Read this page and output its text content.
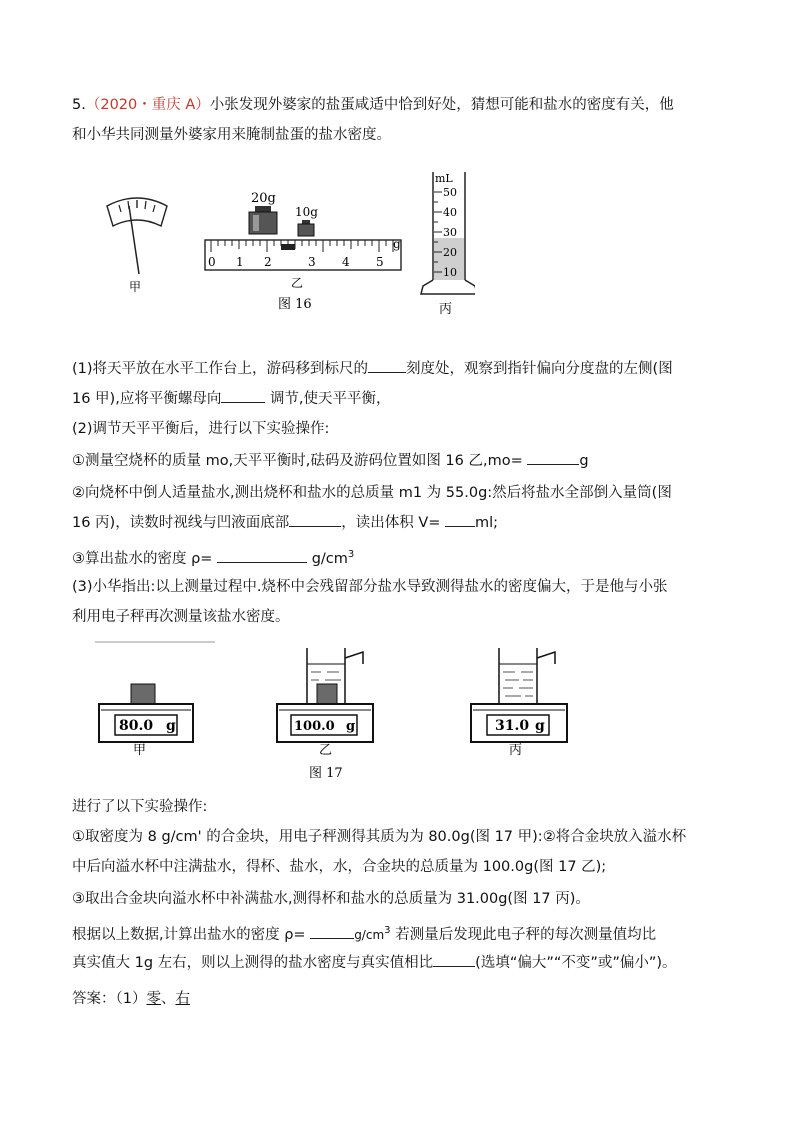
5.（2020・重庆 A）小张发现外婆家的盐蛋咸适中恰到好处，猜想可能和盐水的密度有关，他
和小华共同测量外婆家用来腌制盐蛋的盐水密度。
甲
20g
10g
g
0 1 2	3 4 5
乙
图 16
mL
50
40
30
20
10
丙
(1)将天平放在水平工作台上，游码移到标尺的	刻度处，观察到指针偏向分度盘的左侧(图
16 甲),应将平衡螺母向	调节,使天平平衡，
(2)调节天平平衡后，进行以下实验操作:
①测量空烧杯的质量 mo,天平平衡时,砝码及游码位置如图 16 乙,mo=	g
②向烧杯中倒人适量盐水,测出烧杯和盐水的总质量 m1 为 55.0g:然后将盐水全部倒入量筒(图
16 丙)，读数时视线与凹液面底部	，读出体积 V= ml;
③算出盐水的密度 ρ=	$g/cm^3$
(3)小华指出:以上测量过程中.烧杯中会残留部分盐水导致测得盐水的密度偏大，于是他与小张
利用电子秤再次测量该盐水密度。
80.0 g
甲
100.0 g
乙
图 17
31.0 g
丙
进行了以下实验操作:
①取密度为 8 g/cm' 的合金块，用电子秤测得其质为为 80.0g(图 17 甲):②将合金块放入溢水杯
中后向溢水杯中注满盐水，得杯、盐水，水，合金块的总质量为 100.0g(图 17 乙);
③取出合金块向溢水杯中补满盐水,测得杯和盐水的总质量为 31.00g(图 17 丙)。
根据以上数据,计算出盐水的密度 ρ=	$g/cm^3$ 若测量后发现此电子秤的每次测量值均比
真实值大 1g 左右，则以上测得的盐水密度与真实值相比	(选填“偏大”“不变”或”偏小”)。
答案：（1）零、右
